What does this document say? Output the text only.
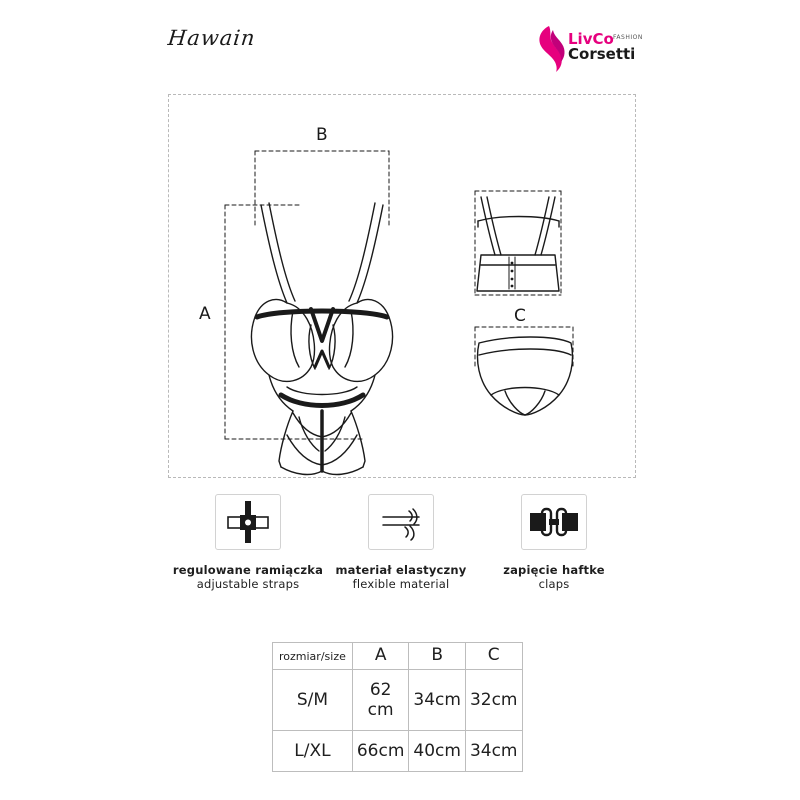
Hawain	LivCo FASHION
Corsetti
B
A	C
regulowane ramiączka
adjustable straps
materiał elastyczny
flexible material
zapięcie haftke
claps
rozmiar/size	A	B	C
S/M	62 cm	34cm	32cm
L/XL	66cm	40cm	34cm
